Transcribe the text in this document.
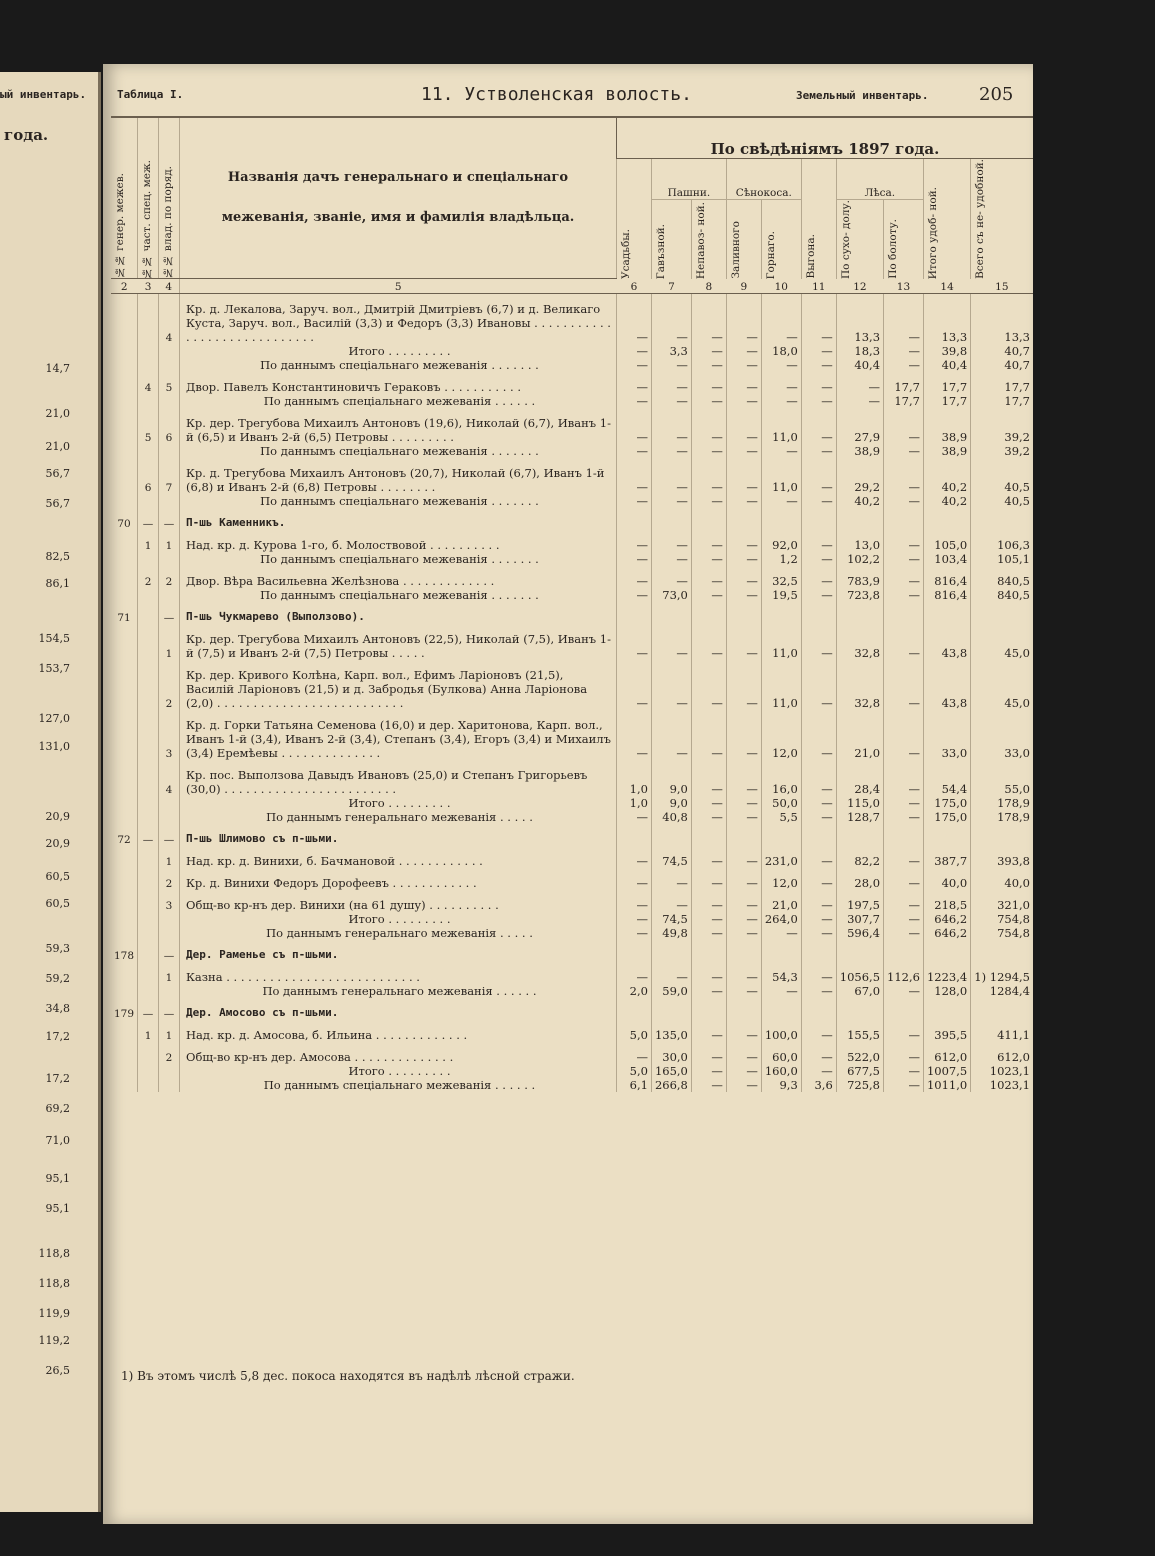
ый инвентарь.
года.
14,7
21,0
21,0
56,7
56,7
82,5
86,1
154,5
153,7
127,0
131,0
20,9
20,9
60,5
60,5
59,3
59,2
34,8
17,2
17,2
69,2
71,0
95,1
95,1
118,8
118,8
119,9
119,2
26,5
Таблица I.	11. Устволенская волость.	Земельный инвентарь.	205
№№ генер. межев.	№№ част. спец. меж.	№№ влад. по поряд.	Названія дачъ генеральнаго и спеціальнаго
межеванія, званіе, имя и фамилія владѣльца.	По свѣдѣніямъ 1897 года.									

				Усадьбы.	Пашни.		Сѣнокоса.		Выгона.	Лѣса.		Итого удоб- ной.	Всего съ не- удобной.

					Гавъзной.	Непавоз- ной.	Заливного	Горнаго.		По сухо- долу.	По болоту.		

2	3	4	5	6	7	8	9	10	11	12	13	14	15
		4	Кр. д. Лекалова, Заруч. вол., Дмитрій Дмитріевъ (6,7) и д. Великаго Куста, Заруч. вол., Василій (3,3) и Федоръ (3,3) Ивановы . . . . . . . . . . . . . . . . . . . . . . . . . . . . .	—	—	—	—	—	—	13,3	—	13,3	13,3
			Итого . . . . . . . . .	—	3,3	—	—	18,0	—	18,3	—	39,8	40,7
			По даннымъ спеціальнаго межеванія . . . . . . .	—	—	—	—	—	—	40,4	—	40,4	40,7
	4	5	Двор. Павелъ Константиновичъ Гераковъ . . . . . . . . . . .	—	—	—	—	—	—	—	17,7	17,7	17,7
			По даннымъ спеціальнаго межеванія . . . . . .	—	—	—	—	—	—	—	17,7	17,7	17,7
	5	6	Кр. дер. Трегубова Михаилъ Антоновъ (19,6), Николай (6,7), Иванъ 1-й (6,5) и Иванъ 2-й (6,5) Петровы . . . . . . . . .	—	—	—	—	11,0	—	27,9	—	38,9	39,2
			По даннымъ спеціальнаго межеванія . . . . . . .	—	—	—	—	—	—	38,9	—	38,9	39,2
	6	7	Кр. д. Трегубова Михаилъ Антоновъ (20,7), Николай (6,7), Иванъ 1-й (6,8) и Иванъ 2-й (6,8) Петровы . . . . . . . .	—	—	—	—	11,0	—	29,2	—	40,2	40,5
			По даннымъ спеціальнаго межеванія . . . . . . .	—	—	—	—	—	—	40,2	—	40,2	40,5
70	—	—	П-шь Каменникъ.										
	1	1	Над. кр. д. Курова 1-го, б. Молоствовой . . . . . . . . . .	—	—	—	—	92,0	—	13,0	—	105,0	106,3
			По даннымъ спеціальнаго межеванія . . . . . . .	—	—	—	—	1,2	—	102,2	—	103,4	105,1
	2	2	Двор. Вѣра Васильевна Желѣзнова . . . . . . . . . . . . .	—	—	—	—	32,5	—	783,9	—	816,4	840,5
			По даннымъ спеціальнаго межеванія . . . . . . .	—	73,0	—	—	19,5	—	723,8	—	816,4	840,5
71		—	П-шь Чукмарево (Выползово).										
		1	Кр. дер. Трегубова Михаилъ Антоновъ (22,5), Николай (7,5), Иванъ 1-й (7,5) и Иванъ 2-й (7,5) Петровы . . . . .	—	—	—	—	11,0	—	32,8	—	43,8	45,0
		2	Кр. дер. Кривого Колѣна, Карп. вол., Ефимъ Ларіоновъ (21,5), Василій Ларіоновъ (21,5) и д. Забродья (Булкова) Анна Ларіонова (2,0) . . . . . . . . . . . . . . . . . . . . . . . . . .	—	—	—	—	11,0	—	32,8	—	43,8	45,0
		3	Кр. д. Горки Татьяна Семенова (16,0) и дер. Харитонова, Карп. вол., Иванъ 1-й (3,4), Иванъ 2-й (3,4), Степанъ (3,4), Егоръ (3,4) и Михаилъ (3,4) Еремѣевы . . . . . . . . . . . . . .	—	—	—	—	12,0	—	21,0	—	33,0	33,0
		4	Кр. пос. Выползова Давыдъ Ивановъ (25,0) и Степанъ Григорьевъ (30,0) . . . . . . . . . . . . . . . . . . . . . . . .	1,0	9,0	—	—	16,0	—	28,4	—	54,4	55,0
			Итого . . . . . . . . .	1,0	9,0	—	—	50,0	—	115,0	—	175,0	178,9
			По даннымъ генеральнаго межеванія . . . . .	—	40,8	—	—	5,5	—	128,7	—	175,0	178,9
72	—	—	П-шь Шлимово съ п-шьми.										
		1	Над. кр. д. Винихи, б. Бачмановой . . . . . . . . . . . .	—	74,5	—	—	231,0	—	82,2	—	387,7	393,8
		2	Кр. д. Винихи Федоръ Дорофеевъ . . . . . . . . . . . .	—	—	—	—	12,0	—	28,0	—	40,0	40,0
		3	Общ-во кр-нъ дер. Винихи (на 61 душу) . . . . . . . . . .	—	—	—	—	21,0	—	197,5	—	218,5	321,0
			Итого . . . . . . . . .	—	74,5	—	—	264,0	—	307,7	—	646,2	754,8
			По даннымъ генеральнаго межеванія . . . . .	—	49,8	—	—	—	—	596,4	—	646,2	754,8
178		—	Дер. Раменье съ п-шьми.										
		1	Казна . . . . . . . . . . . . . . . . . . . . . . . . . . .	—	—	—	—	54,3	—	1056,5	112,6	1223,4	1) 1294,5
			По даннымъ генеральнаго межеванія . . . . . .	2,0	59,0	—	—	—	—	67,0	—	128,0	1284,4
179	—	—	Дер. Амосово съ п-шьми.										
	1	1	Над. кр. д. Амосова, б. Ильина . . . . . . . . . . . . .	5,0	135,0	—	—	100,0	—	155,5	—	395,5	411,1
		2	Общ-во кр-нъ дер. Амосова . . . . . . . . . . . . . .	—	30,0	—	—	60,0	—	522,0	—	612,0	612,0
			Итого . . . . . . . . .	5,0	165,0	—	—	160,0	—	677,5	—	1007,5	1023,1
			По даннымъ спеціальнаго межеванія . . . . . .	6,1	266,8	—	—	9,3	3,6	725,8	—	1011,0	1023,1
1) Въ этомъ числѣ 5,8 дес. покоса находятся въ надѣлѣ лѣсной стражи.
